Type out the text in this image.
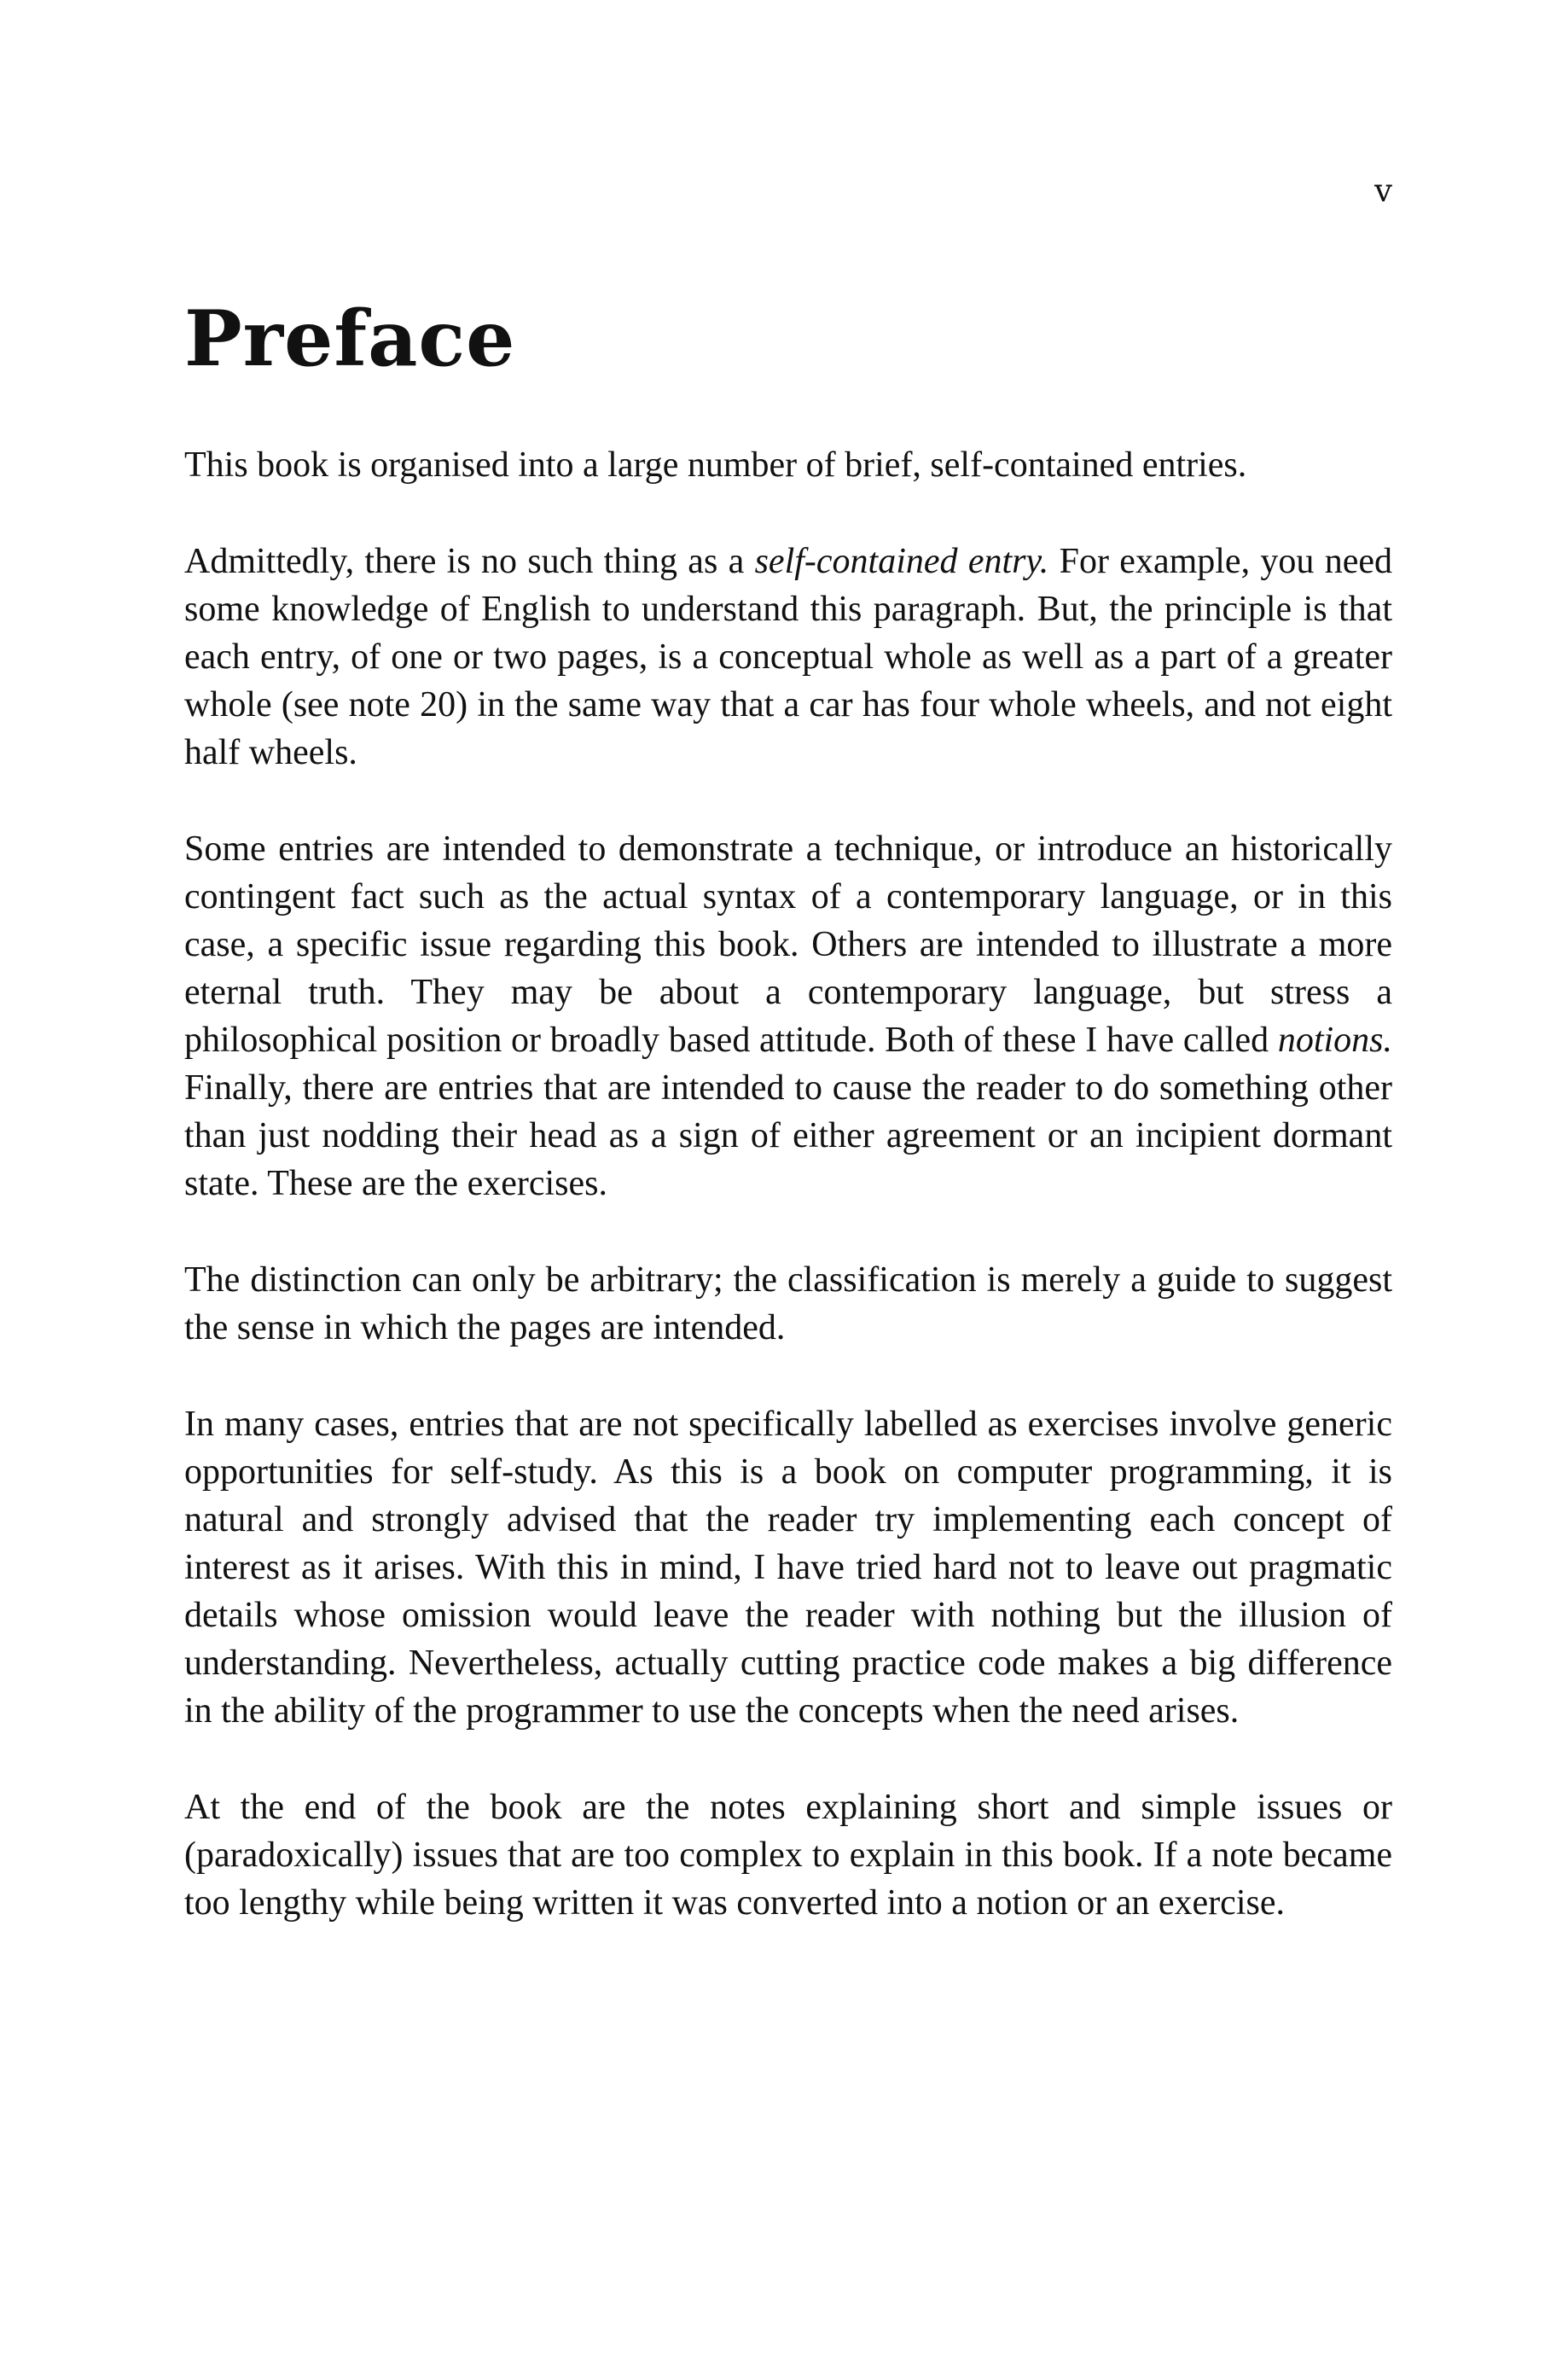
v
Preface

This book is organised into a large number of brief, self-contained entries.

Admittedly, there is no such thing as a self-contained entry. For example, you need some knowledge of English to understand this paragraph. But, the principle is that each entry, of one or two pages, is a conceptual whole as well as a part of a greater whole (see note 20) in the same way that a car has four whole wheels, and not eight half wheels.

Some entries are intended to demonstrate a technique, or introduce an historically contingent fact such as the actual syntax of a contemporary language, or in this case, a specific issue regarding this book. Others are intended to illustrate a more eternal truth. They may be about a contemporary language, but stress a philosophical position or broadly based attitude. Both of these I have called notions. Finally, there are entries that are intended to cause the reader to do something other than just nodding their head as a sign of either agreement or an incipient dormant state. These are the exercises.

The distinction can only be arbitrary; the classification is merely a guide to suggest the sense in which the pages are intended.

In many cases, entries that are not specifically labelled as exercises involve generic opportunities for self-study. As this is a book on computer programming, it is natural and strongly advised that the reader try implementing each concept of interest as it arises. With this in mind, I have tried hard not to leave out pragmatic details whose omission would leave the reader with nothing but the illusion of understanding. Nevertheless, actually cutting practice code makes a big difference in the ability of the programmer to use the concepts when the need arises.

At the end of the book are the notes explaining short and simple issues or (paradoxically) issues that are too complex to explain in this book. If a note became too lengthy while being written it was converted into a notion or an exercise.
